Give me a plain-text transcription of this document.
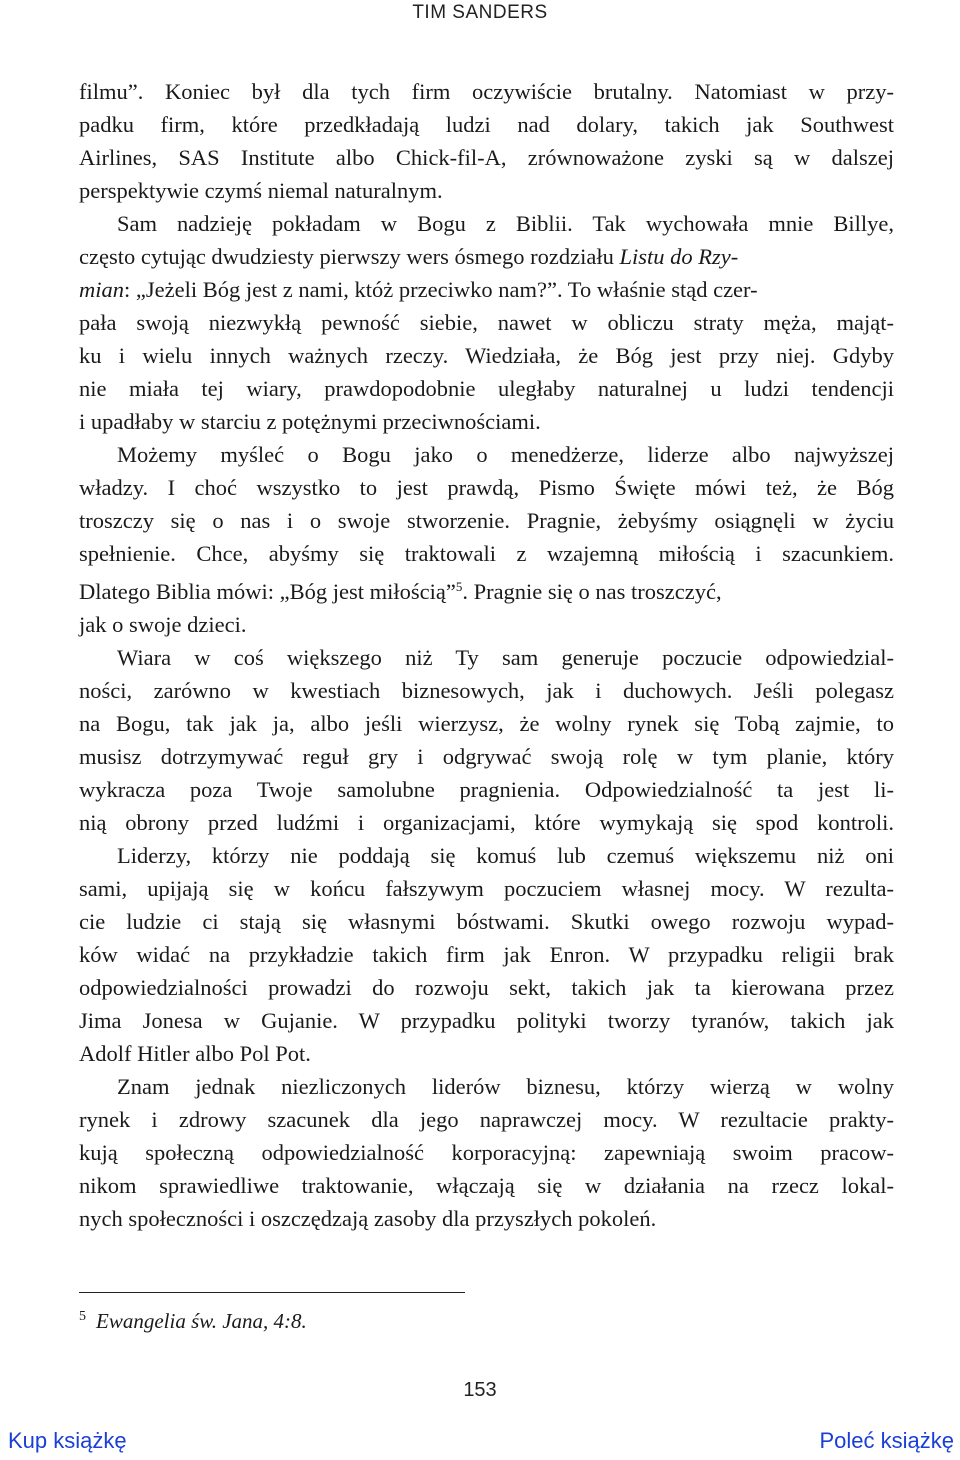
TIM SANDERS
filmu”. Koniec był dla tych firm oczywiście brutalny. Natomiast w przy-
padku firm, które przedkładają ludzi nad dolary, takich jak Southwest
Airlines, SAS Institute albo Chick-fil-A, zrównoważone zyski są w dalszej
perspektywie czymś niemal naturalnym.
Sam nadzieję pokładam w Bogu z Biblii. Tak wychowała mnie Billye,
często cytując dwudziesty pierwszy wers ósmego rozdziału Listu do Rzy-
mian: „Jeżeli Bóg jest z nami, któż przeciwko nam?”. To właśnie stąd czer-
pała swoją niezwykłą pewność siebie, nawet w obliczu straty męża, mająt-
ku i wielu innych ważnych rzeczy. Wiedziała, że Bóg jest przy niej. Gdyby
nie miała tej wiary, prawdopodobnie uległaby naturalnej u ludzi tendencji
i upadłaby w starciu z potężnymi przeciwnościami.
Możemy myśleć o Bogu jako o menedżerze, liderze albo najwyższej
władzy. I choć wszystko to jest prawdą, Pismo Święte mówi też, że Bóg
troszczy się o nas i o swoje stworzenie. Pragnie, żebyśmy osiągnęli w życiu
spełnienie. Chce, abyśmy się traktowali z wzajemną miłością i szacunkiem.
Dlatego Biblia mówi: „Bóg jest miłością”$^5$. Pragnie się o nas troszczyć,
jak o swoje dzieci.
Wiara w coś większego niż Ty sam generuje poczucie odpowiedzial-
ności, zarówno w kwestiach biznesowych, jak i duchowych. Jeśli polegasz
na Bogu, tak jak ja, albo jeśli wierzysz, że wolny rynek się Tobą zajmie, to
musisz dotrzymywać reguł gry i odgrywać swoją rolę w tym planie, który
wykracza poza Twoje samolubne pragnienia. Odpowiedzialność ta jest li-
nią obrony przed ludźmi i organizacjami, które wymykają się spod kontroli.
Liderzy, którzy nie poddają się komuś lub czemuś większemu niż oni
sami, upijają się w końcu fałszywym poczuciem własnej mocy. W rezulta-
cie ludzie ci stają się własnymi bóstwami. Skutki owego rozwoju wypad-
ków widać na przykładzie takich firm jak Enron. W przypadku religii brak
odpowiedzialności prowadzi do rozwoju sekt, takich jak ta kierowana przez
Jima Jonesa w Gujanie. W przypadku polityki tworzy tyranów, takich jak
Adolf Hitler albo Pol Pot.
Znam jednak niezliczonych liderów biznesu, którzy wierzą w wolny
rynek i zdrowy szacunek dla jego naprawczej mocy. W rezultacie prakty-
kują społeczną odpowiedzialność korporacyjną: zapewniają swoim pracow-
nikom sprawiedliwe traktowanie, włączają się w działania na rzecz lokal-
nych społeczności i oszczędzają zasoby dla przyszłych pokoleń.
$^5$ Ewangelia św. Jana, 4:8.
153
Kup książkę	Poleć książkę
